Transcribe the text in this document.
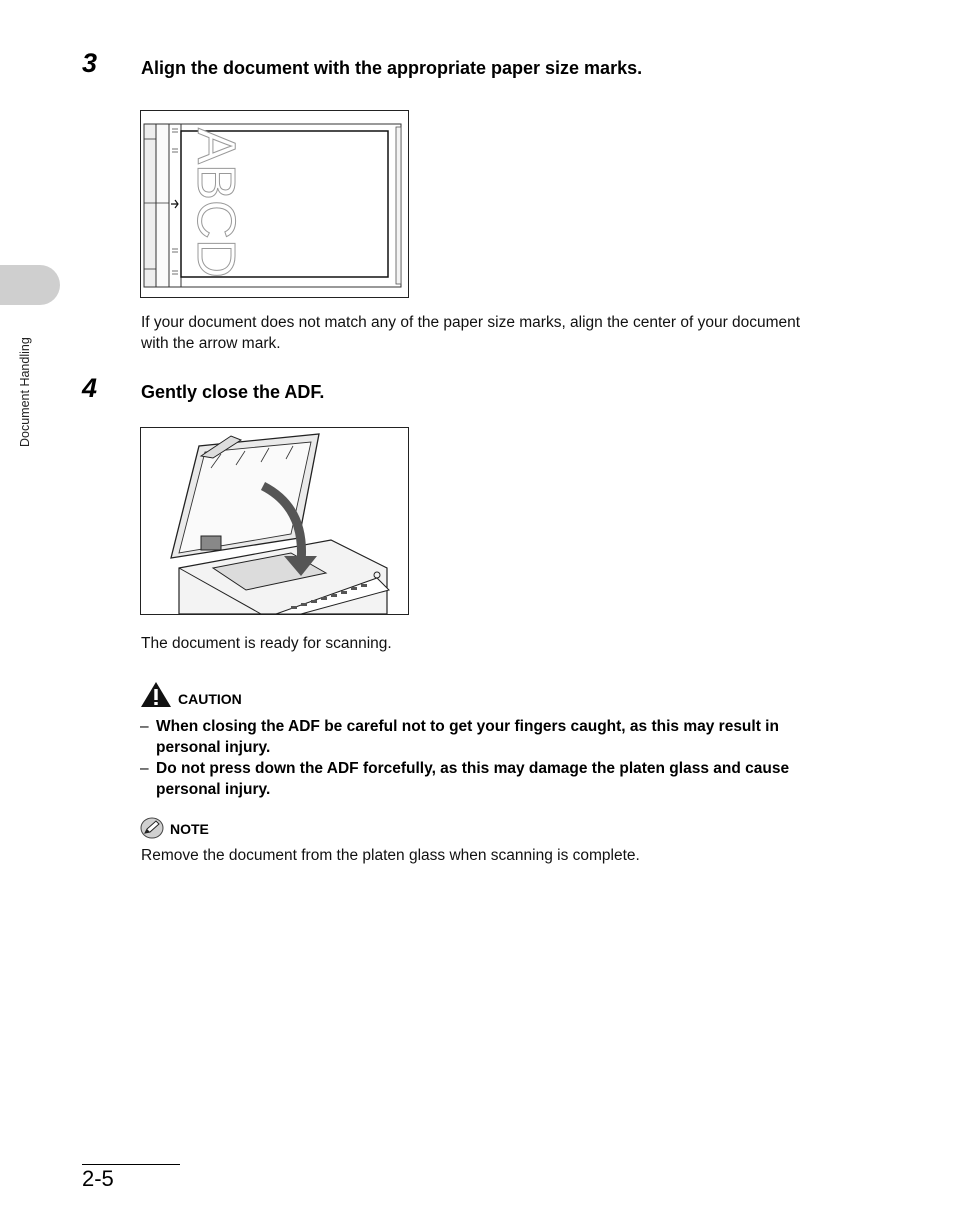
Document Handling
3 Align the document with the appropriate paper size marks.
ABCD
If your document does not match any of the paper size marks, align the center of your document
with the arrow mark.
4 Gently close the ADF.
The document is ready for scanning.
CAUTION
– When closing the ADF be careful not to get your fingers caught, as this may result in
personal injury.
– Do not press down the ADF forcefully, as this may damage the platen glass and cause
personal injury.
NOTE
Remove the document from the platen glass when scanning is complete.
2-5
